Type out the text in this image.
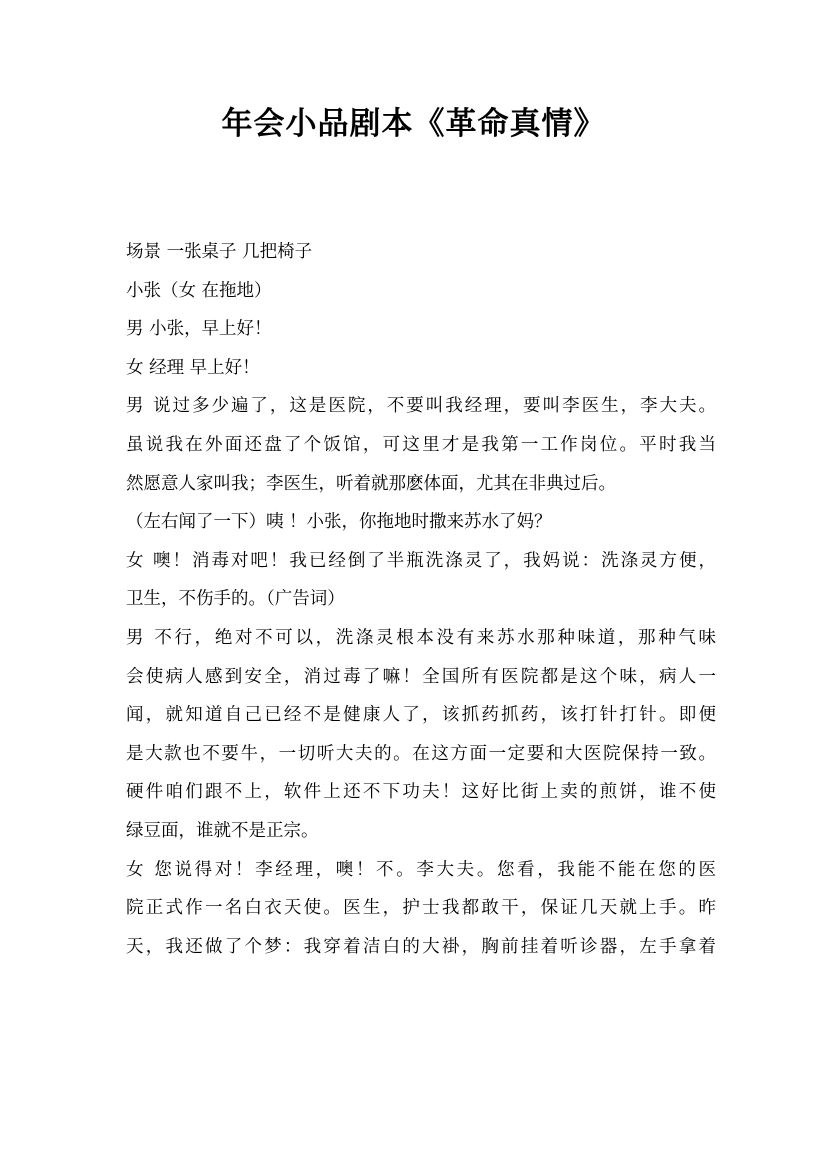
年会小品剧本《革命真情》
场景 一张桌子 几把椅子
小张（女 在拖地）
男 小张，早上好！
女 经理 早上好！
男 说过多少遍了，这是医院，不要叫我经理，要叫李医生，李大夫。
虽说我在外面还盘了个饭馆，可这里才是我第一工作岗位。平时我当
然愿意人家叫我；李医生，听着就那麽体面，尤其在非典过后。
（左右闻了一下）咦 ！小张，你拖地时撒来苏水了妈？
女 噢！消毒对吧！我已经倒了半瓶洗涤灵了，我妈说：洗涤灵方便，
卫生，不伤手的。（广告词）
男 不行，绝对不可以，洗涤灵根本没有来苏水那种味道，那种气味
会使病人感到安全，消过毒了嘛！全国所有医院都是这个味，病人一
闻，就知道自己已经不是健康人了，该抓药抓药，该打针打针。即便
是大款也不要牛，一切听大夫的。在这方面一定要和大医院保持一致。
硬件咱们跟不上，软件上还不下功夫！这好比街上卖的煎饼，谁不使
绿豆面，谁就不是正宗。
女 您说得对！李经理，噢！不。李大夫。您看，我能不能在您的医
院正式作一名白衣天使。医生，护士我都敢干，保证几天就上手。昨
天，我还做了个梦：我穿着洁白的大褂，胸前挂着听诊器，左手拿着
